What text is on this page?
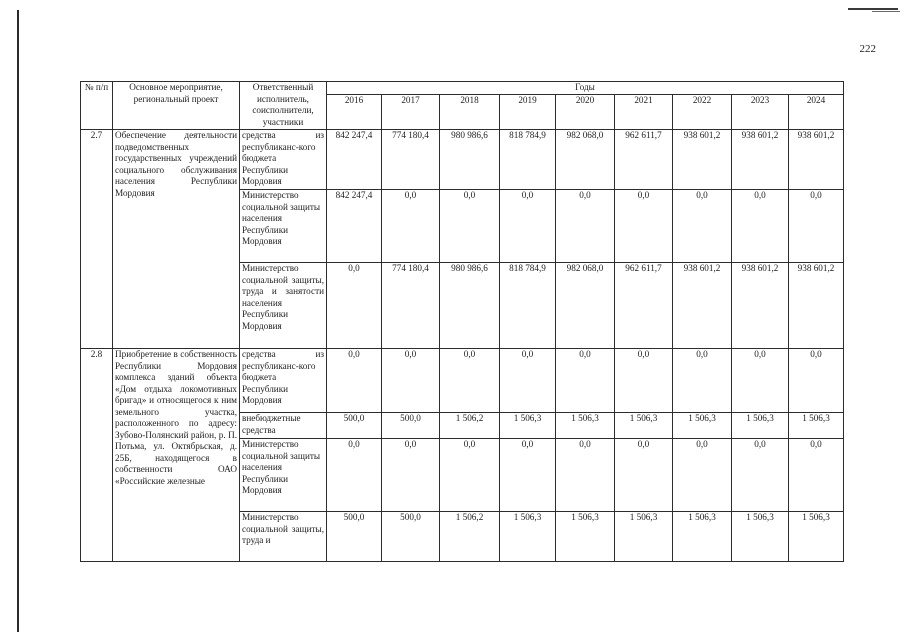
222
№ п/п	Основное мероприятие, региональный проект	Ответственный исполнитель, соисполнители, участники	Годы								
			2016	2017	2018	2019	2020	2021	2022	2023	2024
2.7	Обеспечение деятельности подведомственных государственных учреждений социального обслуживания населения Республики Мордовия	средства из республиканс-кого бюджета Республики Мордовия	842 247,4	774 180,4	980 986,6	818 784,9	982 068,0	962 611,7	938 601,2	938 601,2	938 601,2
		Министерство социальной защиты населения Республики Мордовия	842 247,4	0,0	0,0	0,0	0,0	0,0	0,0	0,0	0,0
		Министерство социальной защиты, труда и занятости населения Республики Мордовия	0,0	774 180,4	980 986,6	818 784,9	982 068,0	962 611,7	938 601,2	938 601,2	938 601,2
2.8	Приобретение в собственность Республики Мордовия комплекса зданий объекта «Дом отдыха локомотивных бригад» и относящегося к ним земельного участка, расположенного по адресу: Зубово-Полянский район, р. П. Потьма, ул. Октябрьская, д. 25Б, находящегося в собственности ОАО «Российские железные	средства из республиканс-кого бюджета Республики Мордовия	0,0	0,0	0,0	0,0	0,0	0,0	0,0	0,0	0,0
		внебюджетные средства	500,0	500,0	1 506,2	1 506,3	1 506,3	1 506,3	1 506,3	1 506,3	1 506,3
		Министерство социальной защиты населения Республики Мордовия	0,0	0,0	0,0	0,0	0,0	0,0	0,0	0,0	0,0
		Министерство социальной защиты, труда и	500,0	500,0	1 506,2	1 506,3	1 506,3	1 506,3	1 506,3	1 506,3	1 506,3
